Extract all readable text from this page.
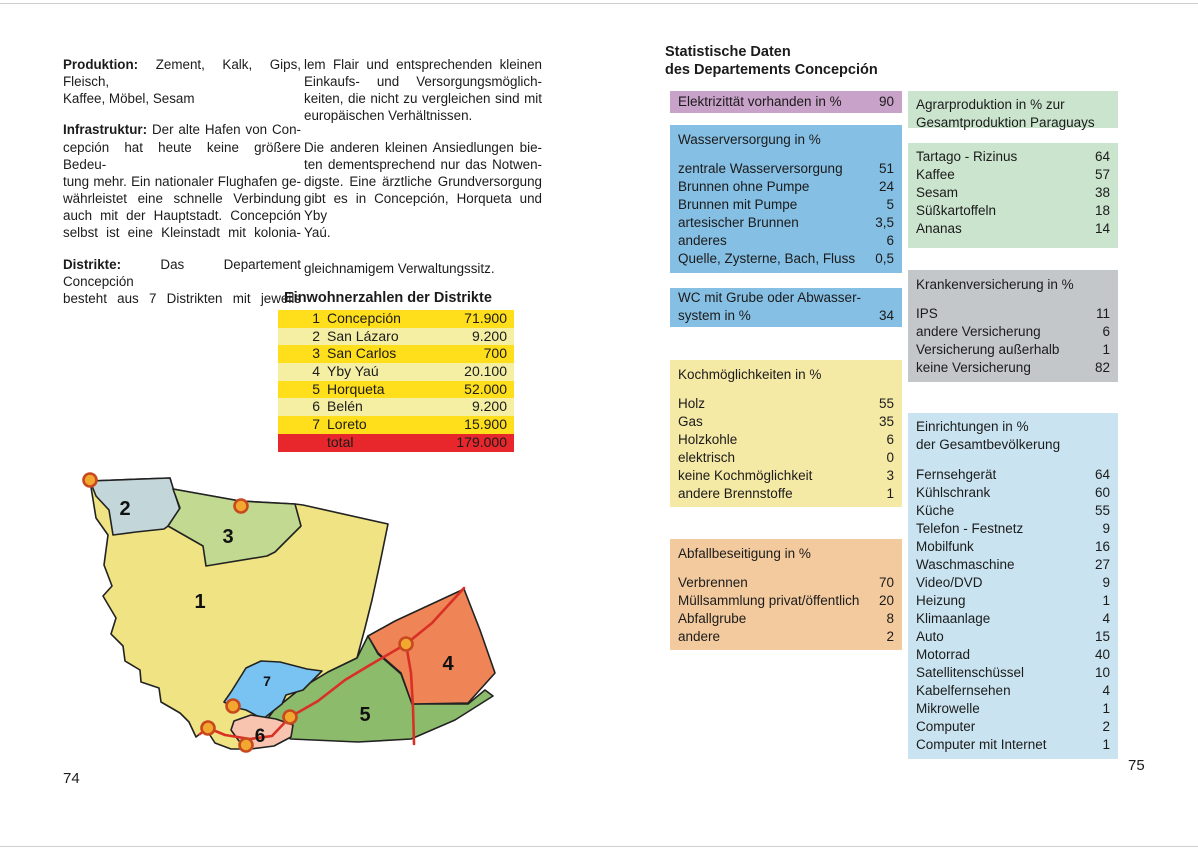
Produktion: Zement, Kalk, Gips, Fleisch,
Kaffee, Möbel, Sesam
Infrastruktur: Der alte Hafen von Con-
cepción hat heute keine größere Bedeu-
tung mehr. Ein nationaler Flughafen ge-
währleistet eine schnelle Verbindung
auch mit der Hauptstadt. Concepción
selbst ist eine Kleinstadt mit kolonia-
Distrikte: Das Departement Concepción
besteht aus 7 Distrikten mit jeweils
lem Flair und entsprechenden kleinen
Einkaufs- und Versorgungsmöglich-
keiten, die nicht zu vergleichen sind mit
europäischen Verhältnissen.
Die anderen kleinen Ansiedlungen bie-
ten dementsprechend nur das Notwen-
digste. Eine ärztliche Grundversorgung
gibt es in Concepción, Horqueta und Yby
Yaú.
gleichnamigem Verwaltungssitz.
Einwohnerzahlen der Distrikte
1 Concepción	71.900
2 San Lázaro	9.200
3 San Carlos	700
4 Yby Yaú	20.100
5 Horqueta	52.000
6 Belén	9.200
7 Loreto	15.900
total	179.000
1
2
3
4
5
6
7
74
Statistische Daten
des Departements Concepción
Elektrizittät vorhanden in %	90
Wasserversorgung in %
zentrale Wasserversorgung	51
Brunnen ohne Pumpe	24
Brunnen mit Pumpe	5
artesischer Brunnen	3,5
anderes	6
Quelle, Zysterne, Bach, Fluss	0,5
WC mit Grube oder Abwasser-
system in %	34
Kochmöglichkeiten in %
Holz	55
Gas	35
Holzkohle	6
elektrisch	0
keine Kochmöglichkeit	3
andere Brennstoffe	1
Abfallbeseitigung in %
Verbrennen	70
Müllsammlung privat/öffentlich	20
Abfallgrube	8
andere	2
Agrarproduktion in % zur
Gesamtproduktion Paraguays
Tartago - Rizinus	64
Kaffee	57
Sesam	38
Süßkartoffeln	18
Ananas	14
Krankenversicherung in %
IPS	11
andere Versicherung	6
Versicherung außerhalb	1
keine Versicherung	82
Einrichtungen in %
der Gesamtbevölkerung
Fernsehgerät	64
Kühlschrank	60
Küche	55
Telefon - Festnetz	9
Mobilfunk	16
Waschmaschine	27
Video/DVD	9
Heizung	1
Klimaanlage	4
Auto	15
Motorrad	40
Satellitenschüssel	10
Kabelfernsehen	4
Mikrowelle	1
Computer	2
Computer mit Internet	1
75
